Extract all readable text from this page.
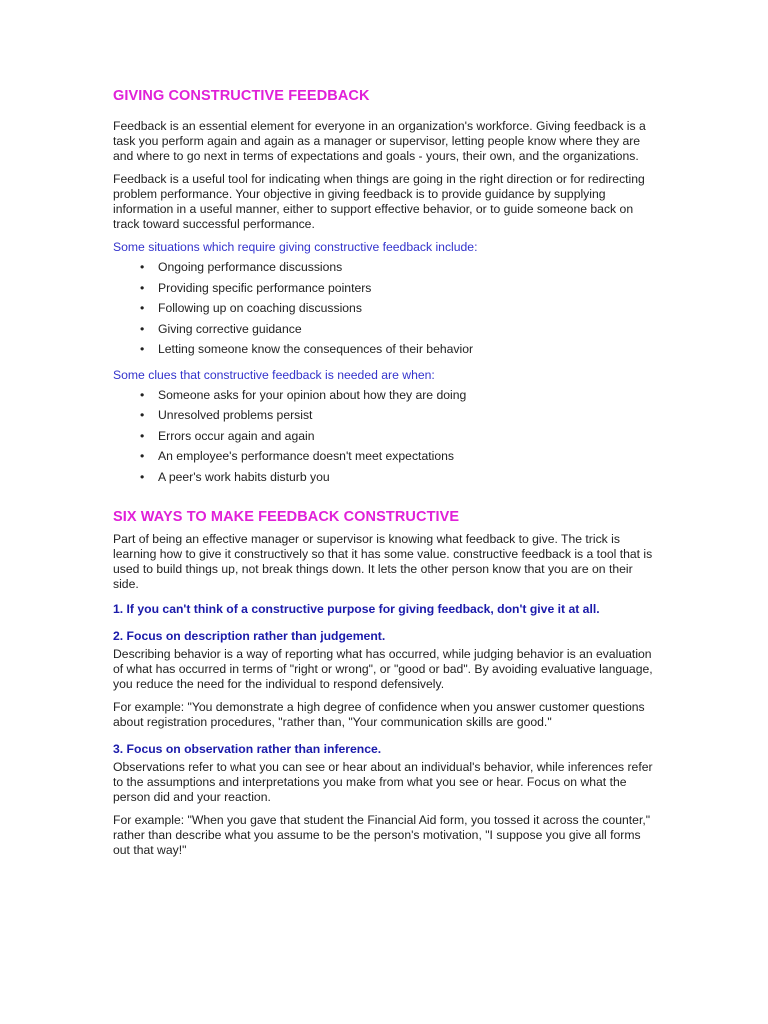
GIVING CONSTRUCTIVE FEEDBACK

Feedback is an essential element for everyone in an organization's workforce. Giving feedback is a task you perform again and again as a manager or supervisor, letting people know where they are and where to go next in terms of expectations and goals - yours, their own, and the organizations.

Feedback is a useful tool for indicating when things are going in the right direction or for redirecting problem performance. Your objective in giving feedback is to provide guidance by supplying information in a useful manner, either to support effective behavior, or to guide someone back on track toward successful performance.

Some situations which require giving constructive feedback include:
• Ongoing performance discussions
• Providing specific performance pointers
• Following up on coaching discussions
• Giving corrective guidance
• Letting someone know the consequences of their behavior
Some clues that constructive feedback is needed are when:
• Someone asks for your opinion about how they are doing
• Unresolved problems persist
• Errors occur again and again
• An employee's performance doesn't meet expectations
• A peer's work habits disturb you
SIX WAYS TO MAKE FEEDBACK CONSTRUCTIVE

Part of being an effective manager or supervisor is knowing what feedback to give. The trick is learning how to give it constructively so that it has some value. constructive feedback is a tool that is used to build things up, not break things down. It lets the other person know that you are on their side.

1. If you can't think of a constructive purpose for giving feedback, don't give it at all.
2. Focus on description rather than judgement.

Describing behavior is a way of reporting what has occurred, while judging behavior is an evaluation of what has occurred in terms of "right or wrong", or "good or bad". By avoiding evaluative language, you reduce the need for the individual to respond defensively.

For example: "You demonstrate a high degree of confidence when you answer customer questions about registration procedures, "rather than, "Your communication skills are good."

3. Focus on observation rather than inference.

Observations refer to what you can see or hear about an individual's behavior, while inferences refer to the assumptions and interpretations you make from what you see or hear. Focus on what the person did and your reaction.

For example: "When you gave that student the Financial Aid form, you tossed it across the counter," rather than describe what you assume to be the person's motivation, "I suppose you give all forms out that way!"
